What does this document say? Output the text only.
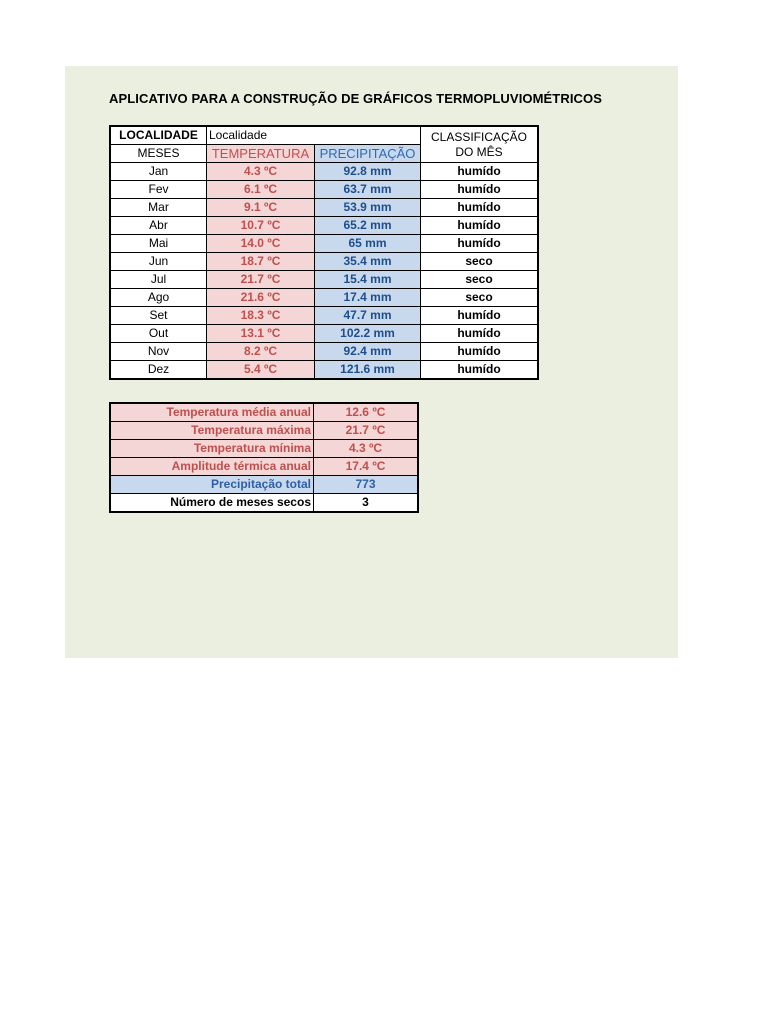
APLICATIVO PARA A CONSTRUÇÃO DE GRÁFICOS TERMOPLUVIOMÉTRICOS
LOCALIDADE	Localidade		CLASSIFICAÇÃO
DO MÊS
MESES	TEMPERATURA	PRECIPITAÇÃO	
Jan	4.3 ºC	92.8 mm	humído
Fev	6.1 ºC	63.7 mm	humído
Mar	9.1 ºC	53.9 mm	humído
Abr	10.7 ºC	65.2 mm	humído
Mai	14.0 ºC	65 mm	humído
Jun	18.7 ºC	35.4 mm	seco
Jul	21.7 ºC	15.4 mm	seco
Ago	21.6 ºC	17.4 mm	seco
Set	18.3 ºC	47.7 mm	humído
Out	13.1 ºC	102.2 mm	humído
Nov	8.2 ºC	92.4 mm	humído
Dez	5.4 ºC	121.6 mm	humído
Temperatura média anual	12.6 ºC
Temperatura máxima	21.7 ºC
Temperatura mínima	4.3 ºC
Amplitude térmica anual	17.4 ºC
Precipitação total	773
Número de meses secos	3
